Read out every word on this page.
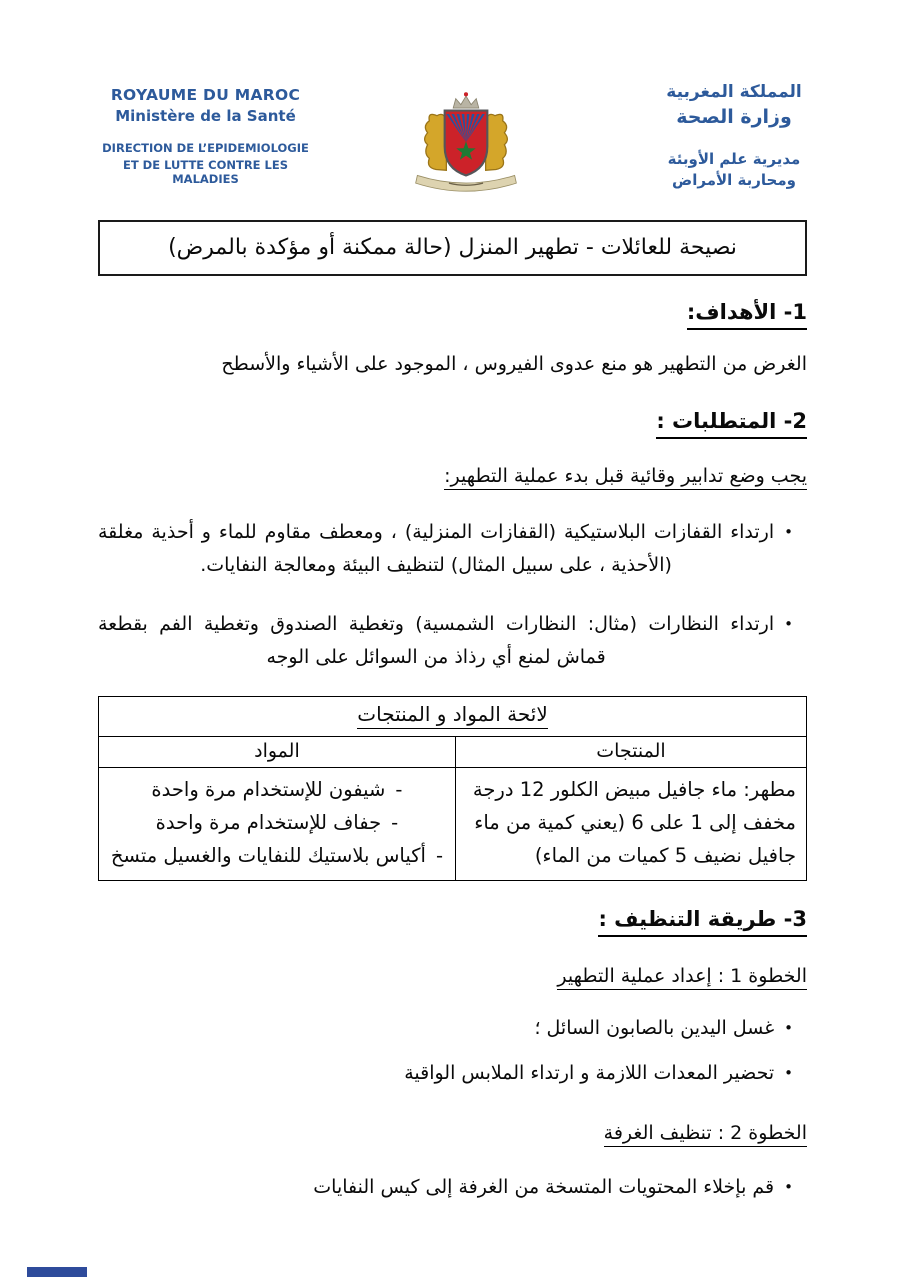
ROYAUME DU MAROC
Ministère de la Santé
DIRECTION DE L’EPIDEMIOLOGIE
ET DE LUTTE CONTRE LES MALADIES
المملكة المغربية
وزارة الصحة
مديرية علم الأوبئة
ومحاربة الأمراض
نصيحة للعائلات - تطهير المنزل (حالة ممكنة أو مؤكدة بالمرض)
1- الأهداف:

الغرض من التطهير هو منع عدوى الفيروس ، الموجود على الأشياء والأسطح

2- المتطلبات :

يجب وضع تدابير وقائية قبل بدء عملية التطهير:

•
ارتداء القفازات البلاستيكية (القفازات المنزلية) ، ومعطف مقاوم للماء و أحذية مغلقة (الأحذية ، على سبيل المثال) لتنظيف البيئة ومعالجة النفايات.
•
ارتداء النظارات (مثال: النظارات الشمسية) وتغطية الصندوق وتغطية الفم بقطعة قماش لمنع أي رذاذ من السوائل على الوجه
لائحة المواد و المنتجات	
المنتجات	المواد
مطهر: ماء جافيل مبيض الكلور 12 درجة مخفف إلى 1 على 6 (يعني كمية من ماء جافيل نضيف 5 كميات من الماء)	-شيفون للإستخدام مرة واحدة
-جفاف للإستخدام مرة واحدة
-أكياس بلاستيك للنفايات والغسيل متسخ
3- طريقة التنظيف :

الخطوة 1 : إعداد عملية التطهير

•
غسل اليدين بالصابون السائل ؛
•
تحضير المعدات اللازمة و ارتداء الملابس الواقية

الخطوة 2 : تنظيف الغرفة

•
قم بإخلاء المحتويات المتسخة من الغرفة إلى كيس النفايات
